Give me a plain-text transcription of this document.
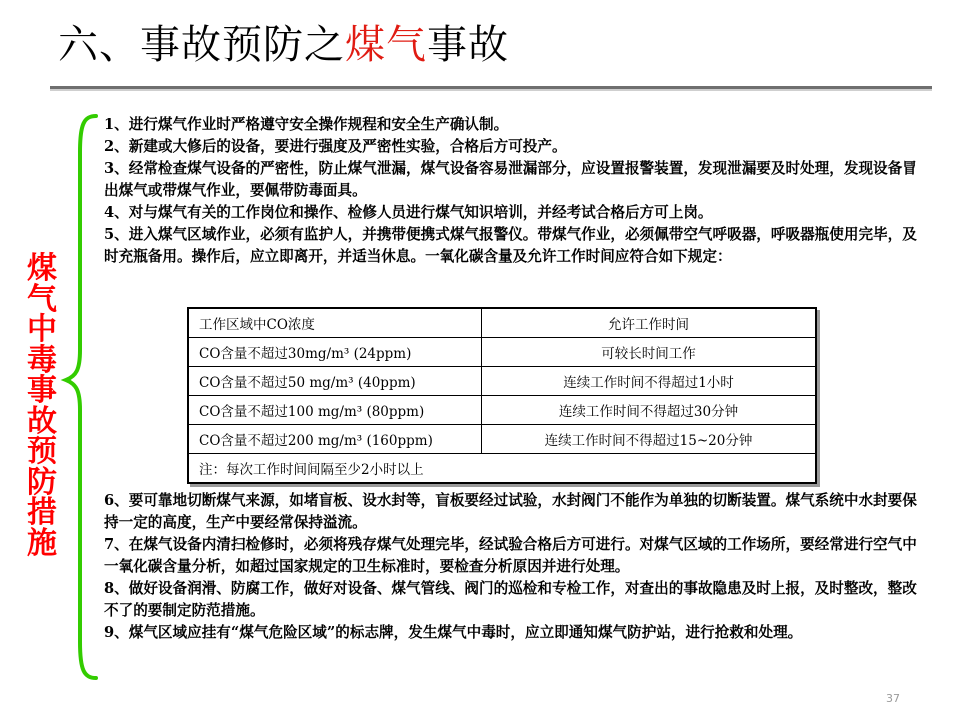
六、事故预防之煤气事故
煤
气
中
毒
事
故
预
防
措
施

1、进行煤气作业时严格遵守安全操作规程和安全生产确认制。

2、新建或大修后的设备，要进行强度及严密性实验，合格后方可投产。

3、经常检查煤气设备的严密性，防止煤气泄漏，煤气设备容易泄漏部分，应设置报警装置，发现泄漏要及时处理，发现设备冒出煤气或带煤气作业，要佩带防毒面具。

4、对与煤气有关的工作岗位和操作、检修人员进行煤气知识培训，并经考试合格后方可上岗。

5、进入煤气区域作业，必须有监护人，并携带便携式煤气报警仪。带煤气作业，必须佩带空气呼吸器，呼吸器瓶使用完毕，及时充瓶备用。操作后，应立即离开，并适当休息。一氧化碳含量及允许工作时间应符合如下规定：

工作区域中CO浓度	允许工作时间
CO含量不超过30mg/m³ (24ppm)	可较长时间工作
CO含量不超过50 mg/m³ (40ppm)	连续工作时间不得超过1小时
CO含量不超过100 mg/m³ (80ppm)	连续工作时间不得超过30分钟
CO含量不超过200 mg/m³ (160ppm)	连续工作时间不得超过15~20分钟
注：每次工作时间间隔至少2小时以上	

6、要可靠地切断煤气来源，如堵盲板、设水封等，盲板要经过试验，水封阀门不能作为单独的切断装置。煤气系统中水封要保持一定的高度，生产中要经常保持溢流。

7、在煤气设备内清扫检修时，必须将残存煤气处理完毕，经试验合格后方可进行。对煤气区域的工作场所，要经常进行空气中一氧化碳含量分析，如超过国家规定的卫生标准时，要检查分析原因并进行处理。

8、做好设备润滑、防腐工作，做好对设备、煤气管线、阀门的巡检和专检工作，对查出的事故隐患及时上报，及时整改，整改不了的要制定防范措施。

9、煤气区域应挂有“煤气危险区域”的标志牌，发生煤气中毒时，应立即通知煤气防护站，进行抢救和处理。

37
